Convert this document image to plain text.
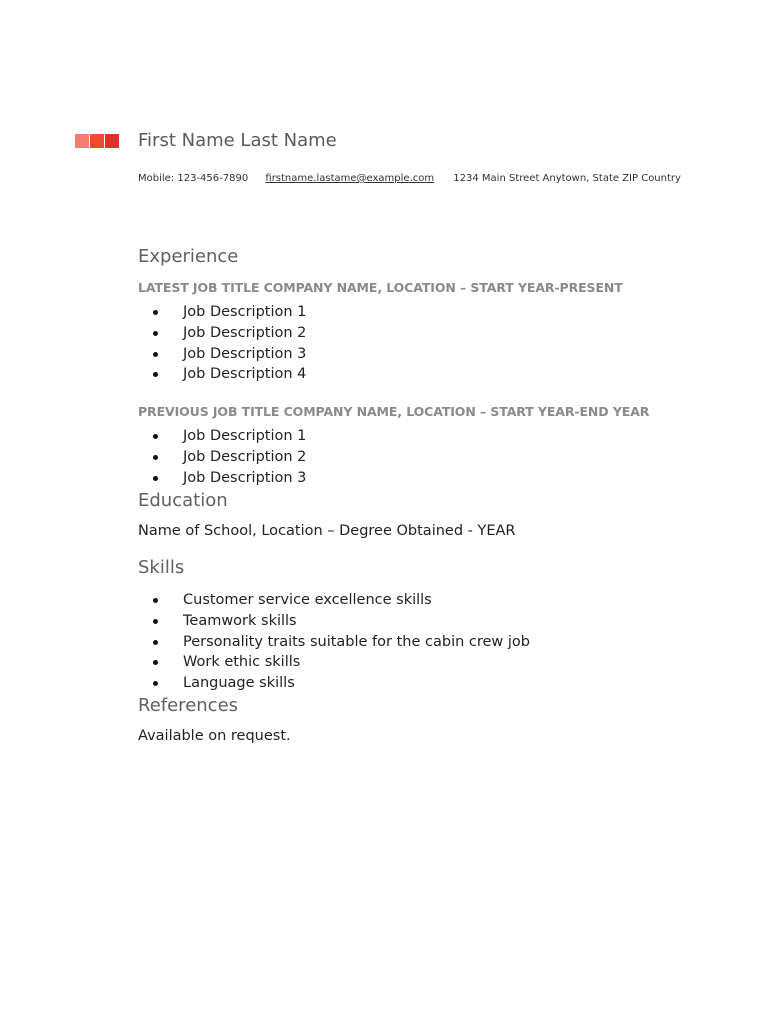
First Name Last Name
Mobile: 123-456-7890 firstname.lastame@example.com 1234 Main Street Anytown, State ZIP Country
Experience
LATEST JOB TITLE COMPANY NAME, LOCATION – START YEAR-PRESENT
Job Description 1
Job Description 2
Job Description 3
Job Description 4
PREVIOUS JOB TITLE COMPANY NAME, LOCATION – START YEAR-END YEAR
Job Description 1
Job Description 2
Job Description 3
Education
Name of School, Location – Degree Obtained - YEAR
Skills
Customer service excellence skills
Teamwork skills
Personality traits suitable for the cabin crew job
Work ethic skills
Language skills
References
Available on request.
